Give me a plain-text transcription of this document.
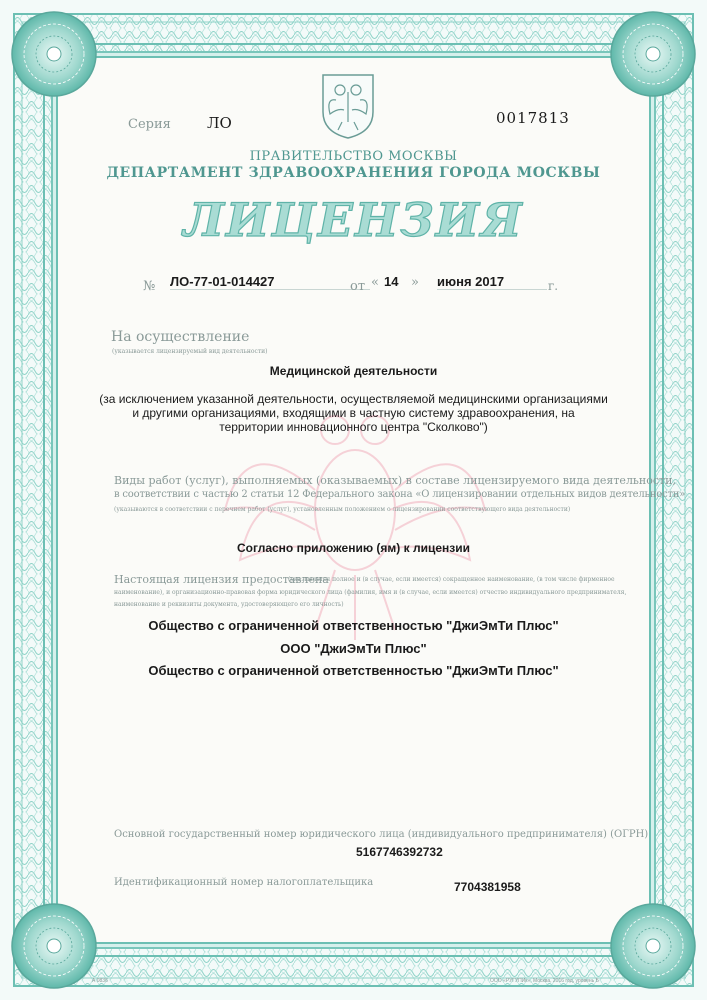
Серия ЛО	0017813
ПРАВИТЕЛЬСТВО МОСКВЫ
ДЕПАРТАМЕНТ ЗДРАВООХРАНЕНИЯ ГОРОДА МОСКВЫ
ЛИЦЕНЗИЯ
№ ЛО-77-01-014427	от « 14 » июня 2017	г.
На осуществление
(указывается лицензируемый вид деятельности)
Медицинской деятельности
(за исключением указанной деятельности, осуществляемой медицинскими организациями
и другими организациями, входящими в частную систему здравоохранения, на
территории инновационного центра "Сколково")
Виды работ (услуг), выполняемых (оказываемых) в составе лицензируемого вида деятельности,
в соответствии с частью 2 статьи 12 Федерального закона «О лицензировании отдельных видов деятельности»
(указываются в соответствии с перечнем работ (услуг), установленным положением о лицензировании соответствующего вида деятельности)
Согласно приложению (ям) к лицензии
Настоящая лицензия предоставлена
(указывается полное и (в случае, если имеется) сокращенное наименование, (в том числе фирменное
наименование), и организационно-правовая форма юридического лица (фамилия, имя и (в случае, если имеется) отчество индивидуального предпринимателя,
наименование и реквизиты документа, удостоверяющего его личность)
Общество с ограниченной ответственностью "ДжиЭмТи Плюс"
ООО "ДжиЭмТи Плюс"
Общество с ограниченной ответственностью "ДжиЭмТи Плюс"
Основной государственный номер юридического лица (индивидуального предпринимателя) (ОГРН)
5167746392732
Идентификационный номер налогоплательщика	7704381958
А 0836	ООО «РУГУПИк», Москва, 2016 год, уровень Б
